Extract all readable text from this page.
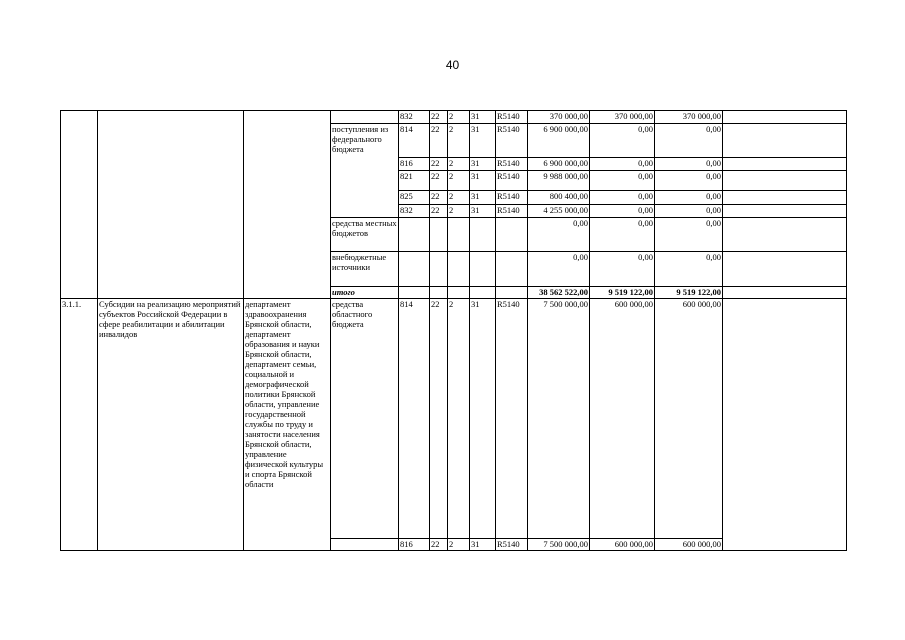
40
				832	22	2	31	R5140	370 000,00	370 000,00	370 000,00	
			поступления из федерального бюджета	814	22	2	31	R5140	6 900 000,00	0,00	0,00	
				816	22	2	31	R5140	6 900 000,00	0,00	0,00	
				821	22	2	31	R5140	9 988 000,00	0,00	0,00	
				825	22	2	31	R5140	800 400,00	0,00	0,00	
				832	22	2	31	R5140	4 255 000,00	0,00	0,00	
			средства местных бюджетов						0,00	0,00	0,00	
			внебюджетные источники						0,00	0,00	0,00	
			итого						38 562 522,00	9 519 122,00	9 519 122,00	
3.1.1.	Субсидии на реализацию мероприятий субъектов Российской Федерации в сфере реабилитации и абилитации инвалидов	департамент здравоохранения Брянской области, департамент образования и науки Брянской области, департамент семьи, социальной и демографической политики Брянской области, управление государственной службы по труду и занятости населения Брянской области, управление физической культуры и спорта Брянской области	средства областного бюджета	814	22	2	31	R5140	7 500 000,00	600 000,00	600 000,00	
				816	22	2	31	R5140	7 500 000,00	600 000,00	600 000,00	
